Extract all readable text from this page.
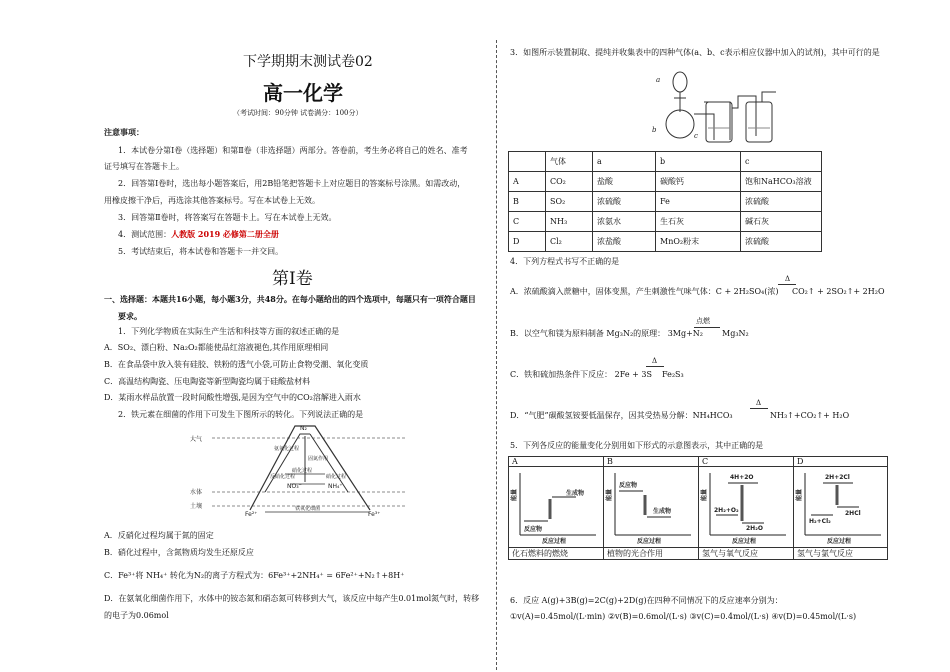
下学期期末测试卷02
高一化学
（考试时间：90分钟 试卷满分：100分）
注意事项：
1．本试卷分第Ⅰ卷（选择题）和第Ⅱ卷（非选择题）两部分。答卷前，考生务必将自己的姓名、准考
证号填写在答题卡上。
2．回答第Ⅰ卷时，选出每小题答案后，用2B铅笔把答题卡上对应题目的答案标号涂黑。如需改动，
用橡皮擦干净后，再选涂其他答案标号。写在本试卷上无效。
3．回答第Ⅱ卷时，将答案写在答题卡上。写在本试卷上无效。
4．测试范围：人教版 2019 必修第二册全册
5．考试结束后，将本试卷和答题卡一并交回。
第Ⅰ卷
一、选择题：本题共16小题，每小题3分，共48分。在每小题给出的四个选项中，每题只有一项符合题目
要求。
1．下列化学物质在实际生产生活和科技等方面的叙述正确的是
A．SO₂、漂白粉、Na₂O₂都能使品红溶液褪色,其作用原理相同
B．在食品袋中放入装有硅胶、铁粉的透气小袋,可防止食物受潮、氧化变质
C．高温结构陶瓷、压电陶瓷等新型陶瓷均属于硅酸盐材料
D．某雨水样品放置一段时间酸性增强,是因为空气中的CO₂溶解进入雨水
2．铁元素在细菌的作用下可发生下图所示的转化。下列说法正确的是
大气
水体
土壤
N₂
NO₃⁻	NH₄⁺
Fe²⁺	Fe³⁺
反硝化过程
固氮作用
硝化过程
硝化过程
铁氧化细菌
氨氧化过程
A．反硝化过程均属于氮的固定
B．硝化过程中，含氮物质均发生还原反应
C．Fe³⁺将 NH₄⁺ 转化为N₂的离子方程式为：6Fe³⁺+2NH₄⁺ = 6Fe²⁺+N₂↑+8H⁺
D．在氨氧化细菌作用下，水体中的铵态氮和硝态氮可转移到大气，该反应中每产生0.01mol氮气时，转移
的电子为0.06mol
3．如图所示装置制取、提纯并收集表中的四种气体(a、b、c表示相应仪器中加入的试剂)，其中可行的是
a
b
c
	气体	a	b	c
A	CO₂	盐酸	碳酸钙	饱和NaHCO₃溶液
B	SO₂	浓硫酸	Fe	浓硫酸
C	NH₃	浓氨水	生石灰	碱石灰
D	Cl₂	浓盐酸	MnO₂粉末	浓硫酸
4．下列方程式书写不正确的是
A．浓硫酸滴入蔗糖中，固体变黑，产生刺激性气味气体：C + 2H₂SO₄(浓)
Δ
CO₂↑ + 2SO₂↑+ 2H₂O
B．以空气和镁为原料制备 Mg₃N₂的原理： 3Mg+N₂
点燃
Mg₃N₂
C．铁和硫加热条件下反应： 2Fe + 3S
Δ
Fe₂S₃
D．“气肥”碳酸氢铵要低温保存，因其受热易分解：NH₄HCO₃
Δ
NH₃↑+CO₂↑+ H₂O
5．下列各反应的能量变化分别用如下形式的示意图表示，其中正确的是
A	B	C	D

能量
反应过程
反应物
生成物	能量
反应过程
反应物
生成物	能量
反应过程
4H+2O
2H₂+O₂
2H₂O	能量
反应过程
2H+2Cl
H₂+Cl₂
2HCl

化石燃料的燃烧	植物的光合作用	氢气与氧气反应	氢气与氯气反应
6．反应 A(g)+3B(g)=2C(g)+2D(g)在四种不同情况下的反应速率分别为：
①v(A)=0.45mol/(L·min) ②v(B)=0.6mol/(L·s) ③v(C)=0.4mol/(L·s) ④v(D)=0.45mol/(L·s)
